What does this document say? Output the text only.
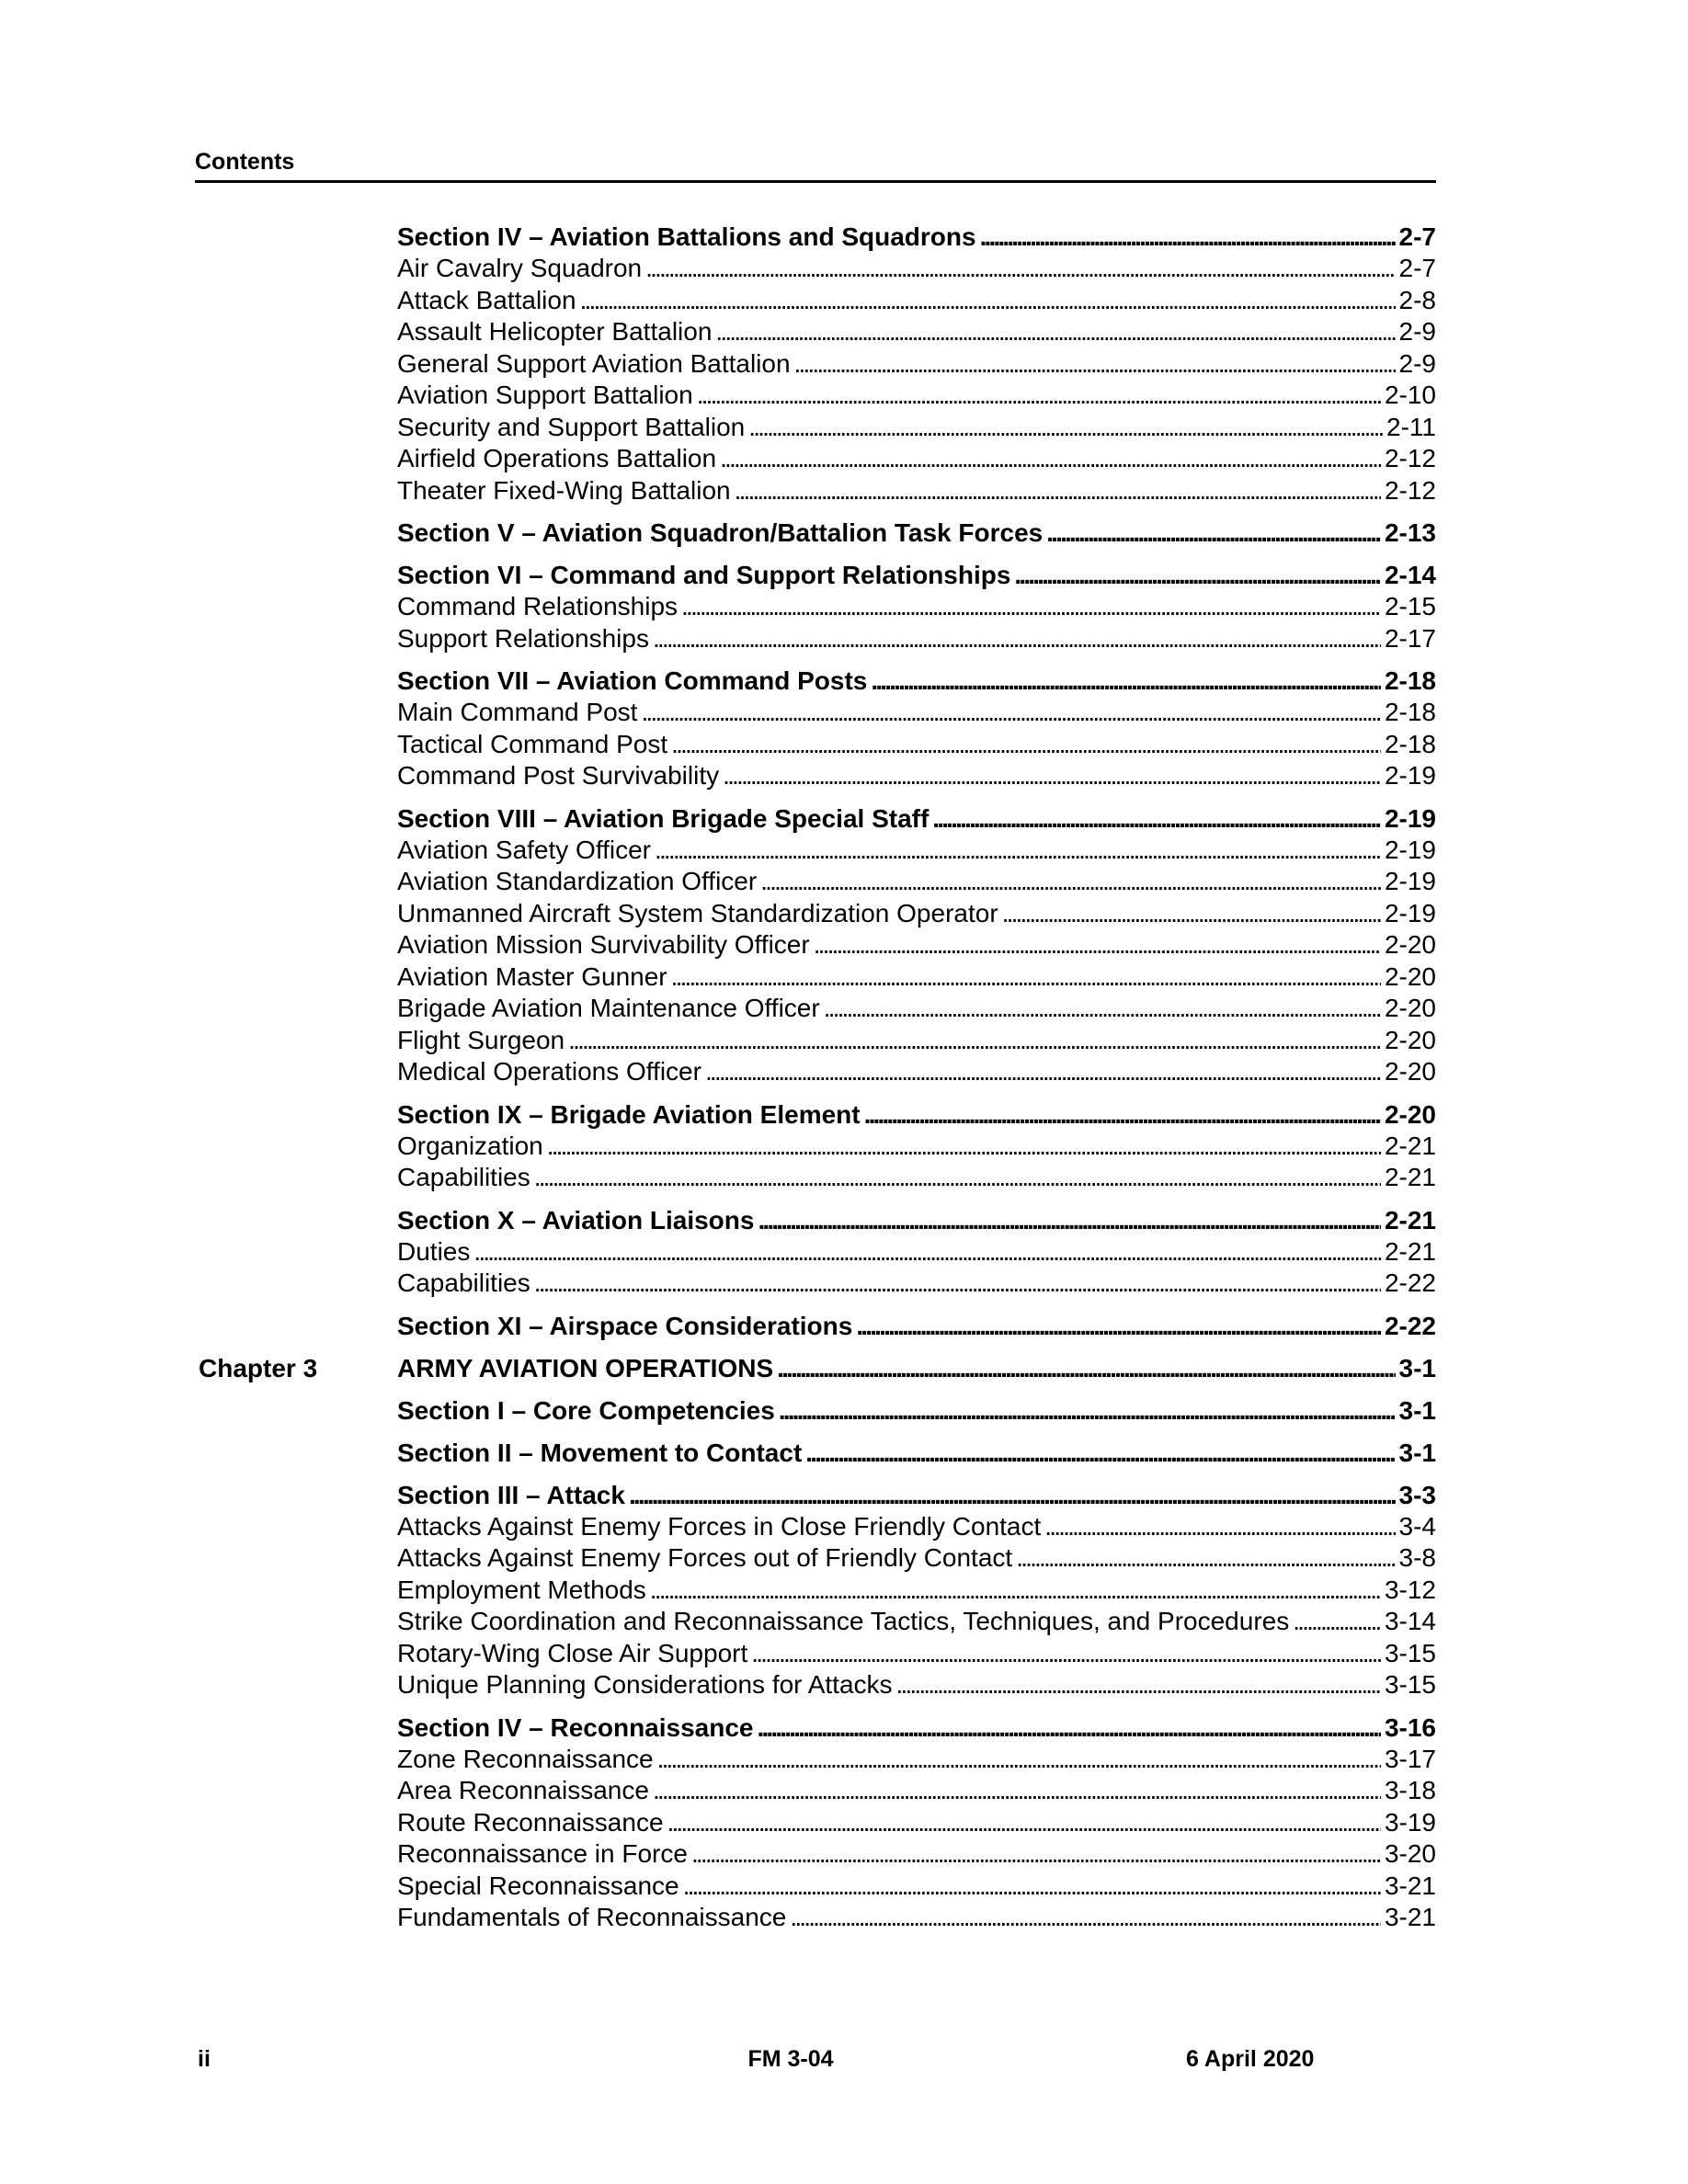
Contents
Section IV – Aviation Battalions and Squadrons . . .	2-7
Air Cavalry Squadron . . .	2-7
Attack Battalion . . .	2-8
Assault Helicopter Battalion . . .	2-9
General Support Aviation Battalion . . .	2-9
Aviation Support Battalion . . .	2-10
Security and Support Battalion . . .	2-11
Airfield Operations Battalion . . .	2-12
Theater Fixed-Wing Battalion . . .	2-12
Section V – Aviation Squadron/Battalion Task Forces . . .	2-13
Section VI – Command and Support Relationships . . .	2-14
Command Relationships . . .	2-15
Support Relationships . . .	2-17
Section VII – Aviation Command Posts . . .	2-18
Main Command Post . . .	2-18
Tactical Command Post . . .	2-18
Command Post Survivability . . .	2-19
Section VIII – Aviation Brigade Special Staff . . .	2-19
Aviation Safety Officer . . .	2-19
Aviation Standardization Officer . . .	2-19
Unmanned Aircraft System Standardization Operator . . .	2-19
Aviation Mission Survivability Officer . . .	2-20
Aviation Master Gunner . . .	2-20
Brigade Aviation Maintenance Officer . . .	2-20
Flight Surgeon . . .	2-20
Medical Operations Officer . . .	2-20
Section IX – Brigade Aviation Element . . .	2-20
Organization . . .	2-21
Capabilities . . .	2-21
Section X – Aviation Liaisons . . .	2-21
Duties . . .	2-21
Capabilities . . .	2-22
Section XI – Airspace Considerations . . .	2-22
Chapter 3	ARMY AVIATION OPERATIONS . . .	3-1
Section I – Core Competencies . . .	3-1
Section II – Movement to Contact . . .	3-1
Section III – Attack . . .	3-3
Attacks Against Enemy Forces in Close Friendly Contact . . .	3-4
Attacks Against Enemy Forces out of Friendly Contact . . .	3-8
Employment Methods . . .	3-12
Strike Coordination and Reconnaissance Tactics, Techniques, and Procedures . . .	3-14
Rotary-Wing Close Air Support . . .	3-15
Unique Planning Considerations for Attacks . . .	3-15
Section IV – Reconnaissance . . .	3-16
Zone Reconnaissance . . .	3-17
Area Reconnaissance . . .	3-18
Route Reconnaissance . . .	3-19
Reconnaissance in Force . . .	3-20
Special Reconnaissance . . .	3-21
Fundamentals of Reconnaissance . . .	3-21
ii	FM 3-04	6 April 2020
